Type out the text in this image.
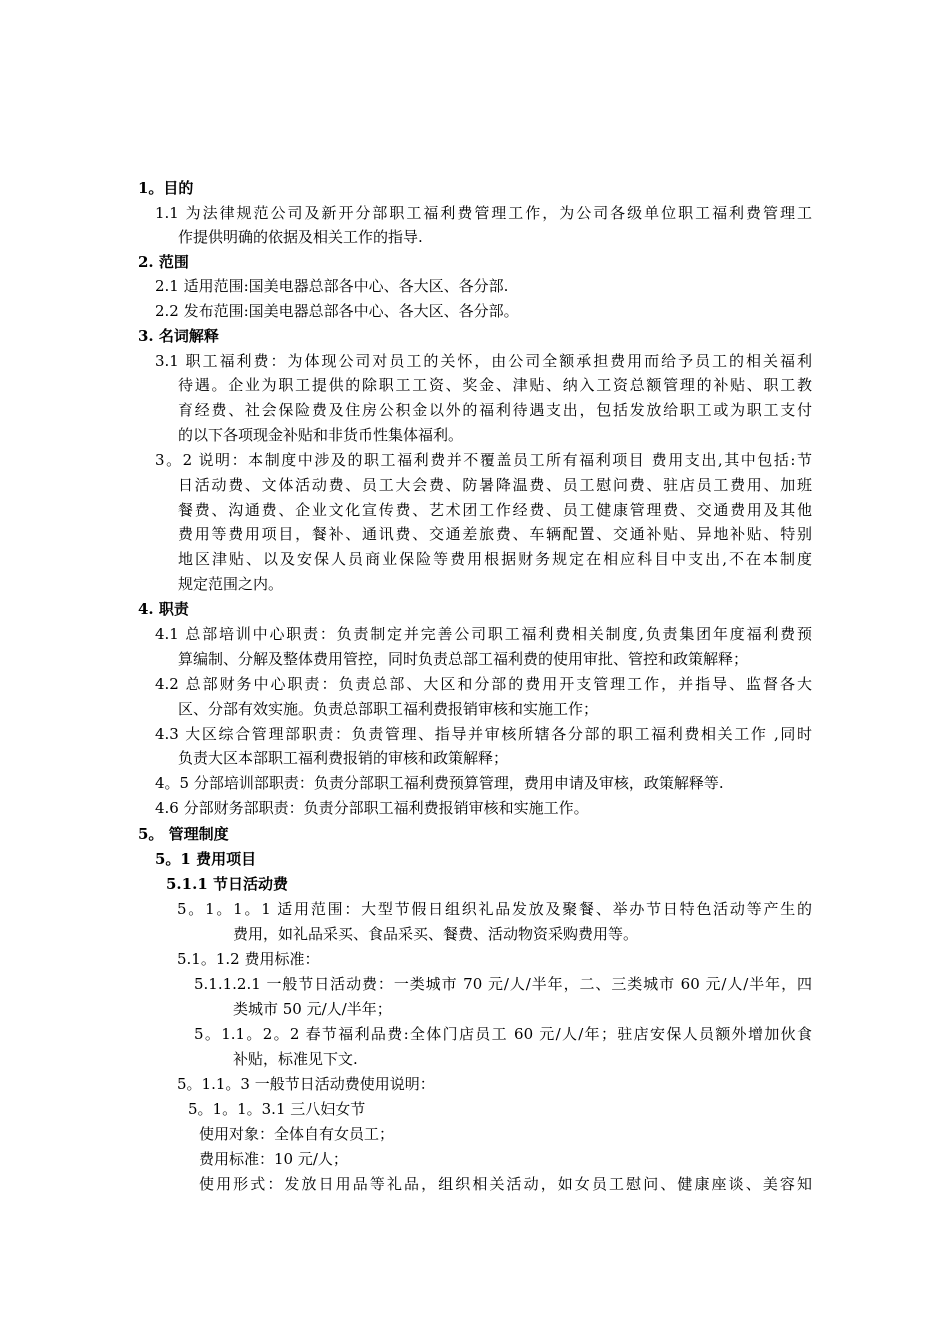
1。目的
1.1 为法律规范公司及新开分部职工福利费管理工作，为公司各级单位职工福利费管理工
作提供明确的依据及相关工作的指导.
2. 范围
2.1 适用范围:国美电器总部各中心、各大区、各分部.
2.2 发布范围:国美电器总部各中心、各大区、各分部。
3. 名词解释
3.1 职工福利费：为体现公司对员工的关怀，由公司全额承担费用而给予员工的相关福利
待遇。企业为职工提供的除职工工资、奖金、津贴、纳入工资总额管理的补贴、职工教
育经费、社会保险费及住房公积金以外的福利待遇支出，包括发放给职工或为职工支付
的以下各项现金补贴和非货币性集体福利。
3。2 说明：本制度中涉及的职工福利费并不覆盖员工所有福利项目 费用支出,其中包括:节
日活动费、文体活动费、员工大会费、防暑降温费、员工慰问费、驻店员工费用、加班
餐费、沟通费、企业文化宣传费、艺术团工作经费、员工健康管理费、交通费用及其他
费用等费用项目，餐补、通讯费、交通差旅费、车辆配置、交通补贴、异地补贴、特别
地区津贴、以及安保人员商业保险等费用根据财务规定在相应科目中支出,不在本制度
规定范围之内。
4. 职责
4.1 总部培训中心职责：负责制定并完善公司职工福利费相关制度,负责集团年度福利费预
算编制、分解及整体费用管控，同时负责总部工福利费的使用审批、管控和政策解释；
4.2 总部财务中心职责：负责总部、大区和分部的费用开支管理工作，并指导、监督各大
区、分部有效实施。负责总部职工福利费报销审核和实施工作；
4.3 大区综合管理部职责：负责管理、指导并审核所辖各分部的职工福利费相关工作 ,同时
负责大区本部职工福利费报销的审核和政策解释；
4。5 分部培训部职责：负责分部职工福利费预算管理，费用申请及审核，政策解释等.
4.6 分部财务部职责：负责分部职工福利费报销审核和实施工作。
5。 管理制度
5。1 费用项目
5.1.1 节日活动费
5。1。1。1 适用范围：大型节假日组织礼品发放及聚餐、举办节日特色活动等产生的
费用，如礼品采买、食品采买、餐费、活动物资采购费用等。
5.1。1.2 费用标准：
5.1.1.2.1 一般节日活动费：一类城市 70 元/人/半年，二、三类城市 60 元/人/半年，四
类城市 50 元/人/半年；
5。1.1。2。2 春节福利品费:全体门店员工 60 元/人/年；驻店安保人员额外增加伙食
补贴，标准见下文.
5。1.1。3 一般节日活动费使用说明：
5。1。1。3.1 三八妇女节
使用对象：全体自有女员工；
费用标准：10 元/人；
使用形式：发放日用品等礼品，组织相关活动，如女员工慰问、健康座谈、美容知
